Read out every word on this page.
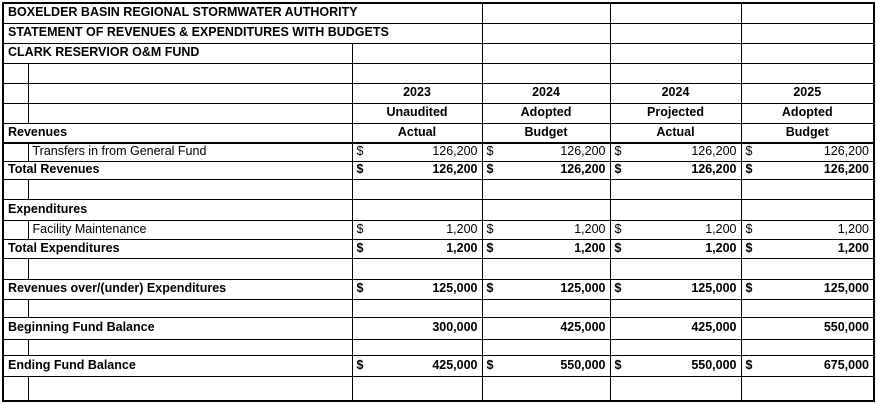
BOXELDER BASIN REGIONAL STORMWATER AUTHORITY					
STATEMENT OF REVENUES & EXPENDITURES WITH BUDGETS					
CLARK RESERVIOR O&M FUND					

		2023	2024	2024	2025
		Unaudited	Adopted	Projected	Adopted
Revenues		Actual	Budget	Actual	Budget
	Transfers in from General Fund	$ 126,200	$ 126,200	$ 126,200	$ 126,200

Total Revenues		$ 126,200	$ 126,200	$ 126,200	$ 126,200

Expenditures					
	Facility Maintenance	$ 1,200	$ 1,200	$ 1,200	$ 1,200

Total Expenditures		$ 1,200	$ 1,200	$ 1,200	$ 1,200

Revenues over/(under) Expenditures		$ 125,000	$ 125,000	$ 125,000	$ 125,000

Beginning Fund Balance		300,000	425,000	425,000	550,000

Ending Fund Balance		$ 425,000	$ 550,000	$ 550,000	$ 675,000
